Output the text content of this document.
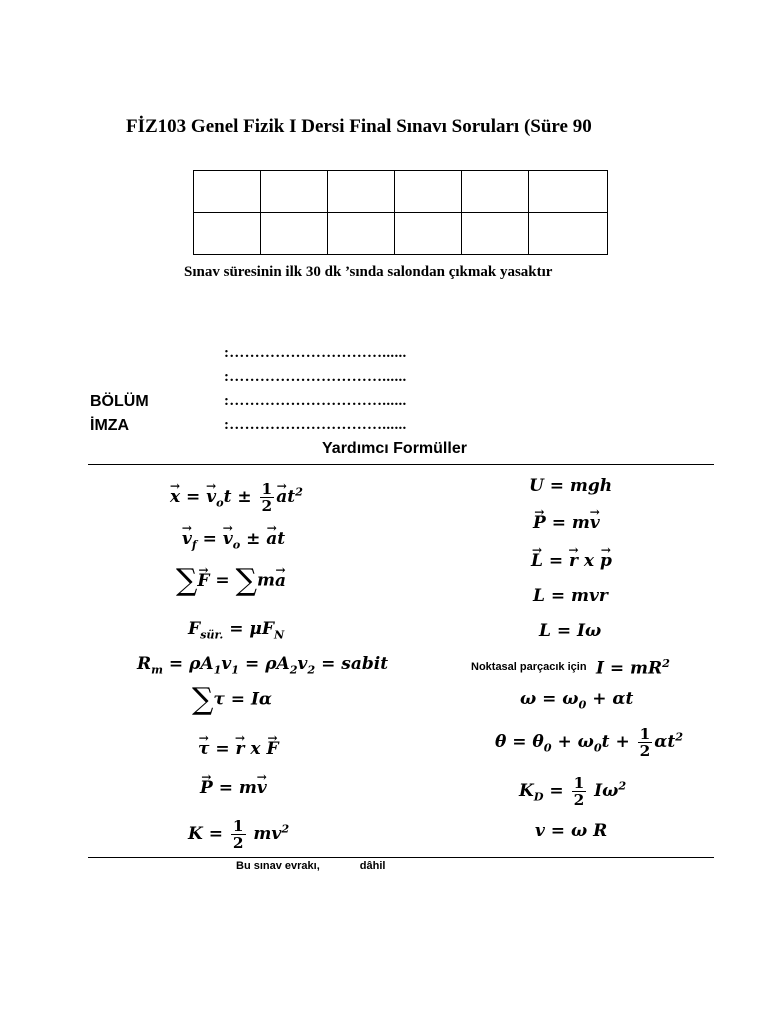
FİZ103 Genel Fizik I Dersi Final Sınavı Soruları (Süre 90

Sınav süresinin ilk 30 dk ’sında salondan çıkmak yasaktır
:…………………………......
:…………………………......
BÖLÜM	:…………………………......
İMZA	:…………………………......
Yardımcı Formüller
x → = $v \to_ot \pm \frac{1}{2}$ $a \to t^2$
$v \to_f = v \to_o \pm a \to t$
∑F → = ∑ma →
$F_{sür.} = \mu F_N$
$R_m = \rho A_1v_1 = \rho A_2v_2$ = sabit
∑τ = Iα
τ → = r → x F →
P → = mv →
$K = \frac{1}{2} mv^2$
U = mgh
P → = mv →
L → = r → x p →
L = mvr
L = Iω
Noktasal parçacık için $I = mR^2$
$\omega = \omega_0 + \alpha t$
$\theta = \theta_0 + \omega_0t + \frac{1}{2} \alpha t^2$
$K_D = \frac{1}{2} I\omega^2$
v = ω R
Bu sınav evrakı,	dâhil
